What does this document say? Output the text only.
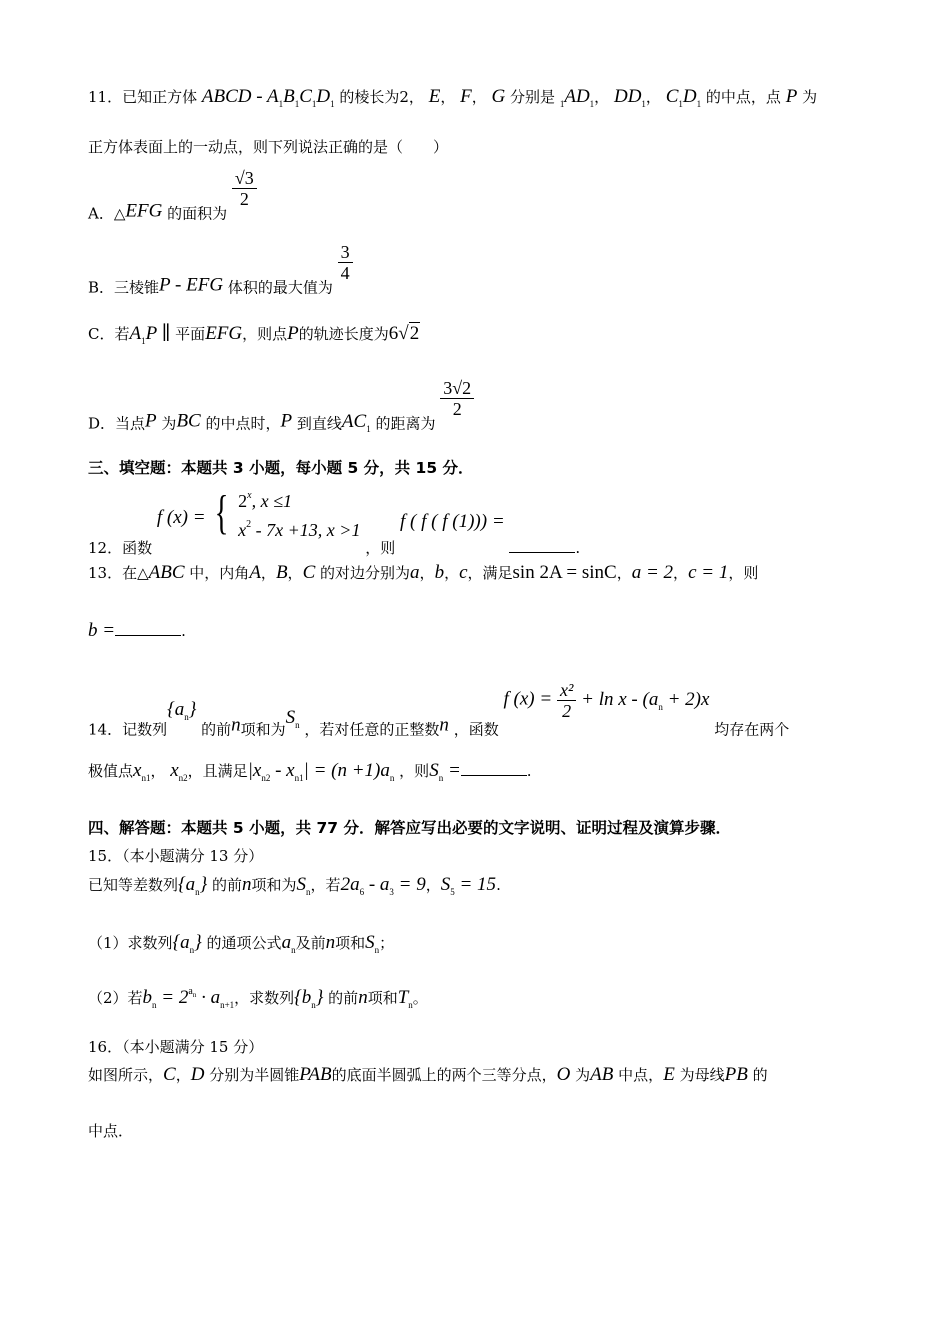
11．已知正方体 ABCD - $A_1B_1C_1D_1$ 的棱长为2， E， F， G 分别是 $_1AD_1$， $DD_1$， $C_1D_1$ 的中点，点 P 为
正方体表面上的一动点，则下列说法正确的是（　　）
A．△EFG 的面积为
$\frac{√3}{2}$
B．三棱锥P - EFG 体积的最大值为
$\frac{3}{4}$
C．若$A_1P$ ∥ 平面EFG，则点P的轨迹长度为6√2
D．当点P 为BC 的中点时，P 到直线$AC_1$ 的距离为
$\frac{3√2}{2}$
三、填空题：本题共 3 小题，每小题 5 分，共 15 分．
12．函数 f (x) = { 2$^x$, x ≤1
$x^2 - 7x +13$, x >1
，则 f ( f ( f (1))) = .
13．在△ABC 中，内角A，B，C 的对边分别为a，b，c，满足sin 2A = sinC，a = 2，c = 1，则
b =	.
14．记数列$\{a_n\}$ 的前n项和为$S_n$ ，若对任意的正整数n ，函数 f $(x) = \frac{\text{x²}}{2} + \ln x - (a_n + 2)x$ 均存在两个
极值点$x_{n1}$， $x_{n2}$，且满足$|x_{n2} - x_{n1}| = (n +1)a_n$ ，则$S_n$ =	.
四、解答题：本题共 5 小题，共 77 分．解答应写出必要的文字说明、证明过程及演算步骤．
15．（本小题满分 13 分）
已知等差数列$\{a_n\}$ 的前n项和为$S_n$，若$2a_6 - a_3 = 9$，$S_5 = 15$.
（1）求数列$\{a_n\}$ 的通项公式$a_n$及前n项和$S_n$；
（2）若$b_n = 2^{a_n} \cdot a_{n+1}$，求数列$\{b_n\}$ 的前n项和$T_n$。
16．（本小题满分 15 分）
如图所示，C，D 分别为半圆锥PAB的底面半圆弧上的两个三等分点，O 为AB 中点，E 为母线PB 的
中点．
